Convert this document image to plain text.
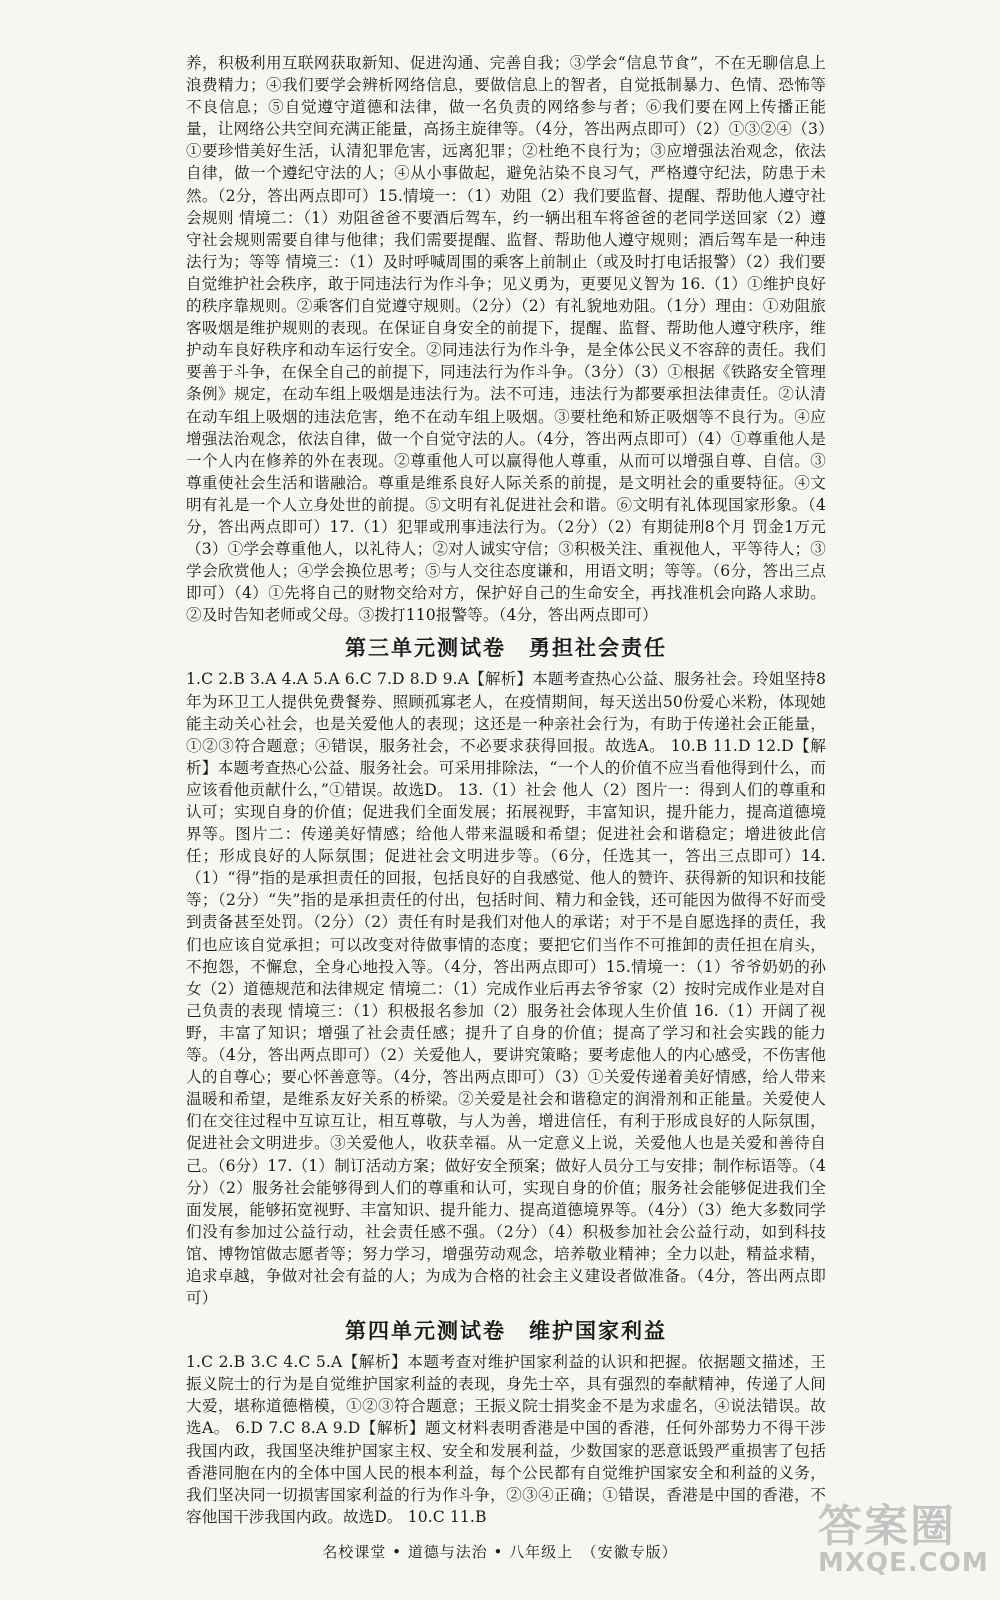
养，积极利用互联网获取新知、促进沟通、完善自我；③学会“信息节食”，不在无聊信息上浪费精力；④我们要学会辨析网络信息，要做信息上的智者，自觉抵制暴力、色情、恐怖等不良信息；⑤自觉遵守道德和法律，做一名负责的网络参与者；⑥我们要在网上传播正能量，让网络公共空间充满正能量，高扬主旋律等。（4分，答出两点即可）（2）①③②④（3）①要珍惜美好生活，认清犯罪危害，远离犯罪；②杜绝不良行为；③应增强法治观念，依法自律，做一个遵纪守法的人；④从小事做起，避免沾染不良习气，严格遵守纪法，防患于未然。（2分，答出两点即可）15.情境一：（1）劝阻（2）我们要监督、提醒、帮助他人遵守社会规则 情境二：（1）劝阻爸爸不要酒后驾车，约一辆出租车将爸爸的老同学送回家（2）遵守社会规则需要自律与他律；我们需要提醒、监督、帮助他人遵守规则；酒后驾车是一种违法行为；等等 情境三：（1）及时呼喊周围的乘客上前制止（或及时打电话报警）（2）我们要自觉维护社会秩序，敢于同违法行为作斗争；见义勇为，更要见义智为 16.（1）①维护良好的秩序靠规则。②乘客们自觉遵守规则。（2分）（2）有礼貌地劝阻。（1分）理由：①劝阻旅客吸烟是维护规则的表现。在保证自身安全的前提下，提醒、监督、帮助他人遵守秩序，维护动车良好秩序和动车运行安全。②同违法行为作斗争，是全体公民义不容辞的责任。我们要善于斗争，在保全自己的前提下，同违法行为作斗争。（3分）（3）①根据《铁路安全管理条例》规定，在动车组上吸烟是违法行为。法不可违，违法行为都要承担法律责任。②认清在动车组上吸烟的违法危害，绝不在动车组上吸烟。③要杜绝和矫正吸烟等不良行为。④应增强法治观念，依法自律，做一个自觉守法的人。（4分，答出两点即可）（4）①尊重他人是一个人内在修养的外在表现。②尊重他人可以赢得他人尊重，从而可以增强自尊、自信。③尊重使社会生活和谐融洽。尊重是维系良好人际关系的前提，是文明社会的重要特征。④文明有礼是一个人立身处世的前提。⑤文明有礼促进社会和谐。⑥文明有礼体现国家形象。（4分，答出两点即可）17.（1）犯罪或刑事违法行为。（2分）（2）有期徒刑8个月 罚金1万元（3）①学会尊重他人，以礼待人；②对人诚实守信；③积极关注、重视他人，平等待人；③学会欣赏他人；④学会换位思考；⑤与人交往态度谦和，用语文明；等等。（6分，答出三点即可）（4）①先将自己的财物交给对方，保护好自己的生命安全，再找准机会向路人求助。②及时告知老师或父母。③拨打110报警等。（4分，答出两点即可）

第三单元测试卷　勇担社会责任

1.C 2.B 3.A 4.A 5.A 6.C 7.D 8.D 9.A【解析】本题考查热心公益、服务社会。玲姐坚持8年为环卫工人提供免费餐券、照顾孤寡老人，在疫情期间，每天送出50份爱心米粉，体现她能主动关心社会，也是关爱他人的表现；这还是一种亲社会行为，有助于传递社会正能量，①②③符合题意；④错误，服务社会，不必要求获得回报。故选A。 10.B 11.D 12.D【解析】本题考查热心公益、服务社会。可采用排除法，“一个人的价值不应当看他得到什么，而应该看他贡献什么，”①错误。故选D。 13.（1）社会 他人（2）图片一：得到人们的尊重和认可；实现自身的价值；促进我们全面发展；拓展视野，丰富知识，提升能力，提高道德境界等。图片二：传递美好情感；给他人带来温暖和希望；促进社会和谐稳定；增进彼此信任；形成良好的人际氛围；促进社会文明进步等。（6分，任选其一，答出三点即可）14.（1）“得”指的是承担责任的回报，包括良好的自我感觉、他人的赞许、获得新的知识和技能等；（2分）“失”指的是承担责任的付出，包括时间、精力和金钱，还可能因为做得不好而受到责备甚至处罚。（2分）（2）责任有时是我们对他人的承诺；对于不是自愿选择的责任，我们也应该自觉承担；可以改变对待做事情的态度；要把它们当作不可推卸的责任担在肩头，不抱怨，不懈怠，全身心地投入等。（4分，答出两点即可）15.情境一：（1）爷爷奶奶的孙女（2）道德规范和法律规定 情境二：（1）完成作业后再去爷爷家（2）按时完成作业是对自己负责的表现 情境三：（1）积极报名参加（2）服务社会体现人生价值 16.（1）开阔了视野，丰富了知识；增强了社会责任感；提升了自身的价值；提高了学习和社会实践的能力等。（4分，答出两点即可）（2）关爱他人，要讲究策略；要考虑他人的内心感受，不伤害他人的自尊心；要心怀善意等。（4分，答出两点即可）（3）①关爱传递着美好情感，给人带来温暖和希望，是维系友好关系的桥梁。②关爱是社会和谐稳定的润滑剂和正能量。关爱使人们在交往过程中互谅互让，相互尊敬，与人为善，增进信任，有利于形成良好的人际氛围，促进社会文明进步。③关爱他人，收获幸福。从一定意义上说，关爱他人也是关爱和善待自己。（6分）17.（1）制订活动方案；做好安全预案；做好人员分工与安排；制作标语等。（4分）（2）服务社会能够得到人们的尊重和认可，实现自身的价值；服务社会能够促进我们全面发展，能够拓宽视野、丰富知识、提升能力、提高道德境界等。（4分）（3）绝大多数同学们没有参加过公益行动，社会责任感不强。（2分）（4）积极参加社会公益行动，如到科技馆、博物馆做志愿者等；努力学习，增强劳动观念，培养敬业精神；全力以赴，精益求精，追求卓越，争做对社会有益的人；为成为合格的社会主义建设者做准备。（4分，答出两点即可）

第四单元测试卷　维护国家利益

1.C 2.B 3.C 4.C 5.A【解析】本题考查对维护国家利益的认识和把握。依据题文描述，王振义院士的行为是自觉维护国家利益的表现，身先士卒，具有强烈的奉献精神，传递了人间大爱，堪称道德楷模，①②③符合题意；王振义院士捐奖金不是为求虚名，④说法错误。故选A。 6.D 7.C 8.A 9.D【解析】题文材料表明香港是中国的香港，任何外部势力不得干涉我国内政，我国坚决维护国家主权、安全和发展利益，少数国家的恶意诋毁严重损害了包括香港同胞在内的全体中国人民的根本利益，每个公民都有自觉维护国家安全和利益的义务，我们坚决同一切损害国家利益的行为作斗争，②③④正确；①错误，香港是中国的香港，不容他国干涉我国内政。故选D。 10.C 11.B

名校课堂 • 道德与法治 • 八年级上　（安徽专版）	答案圈
MXQE.COM
